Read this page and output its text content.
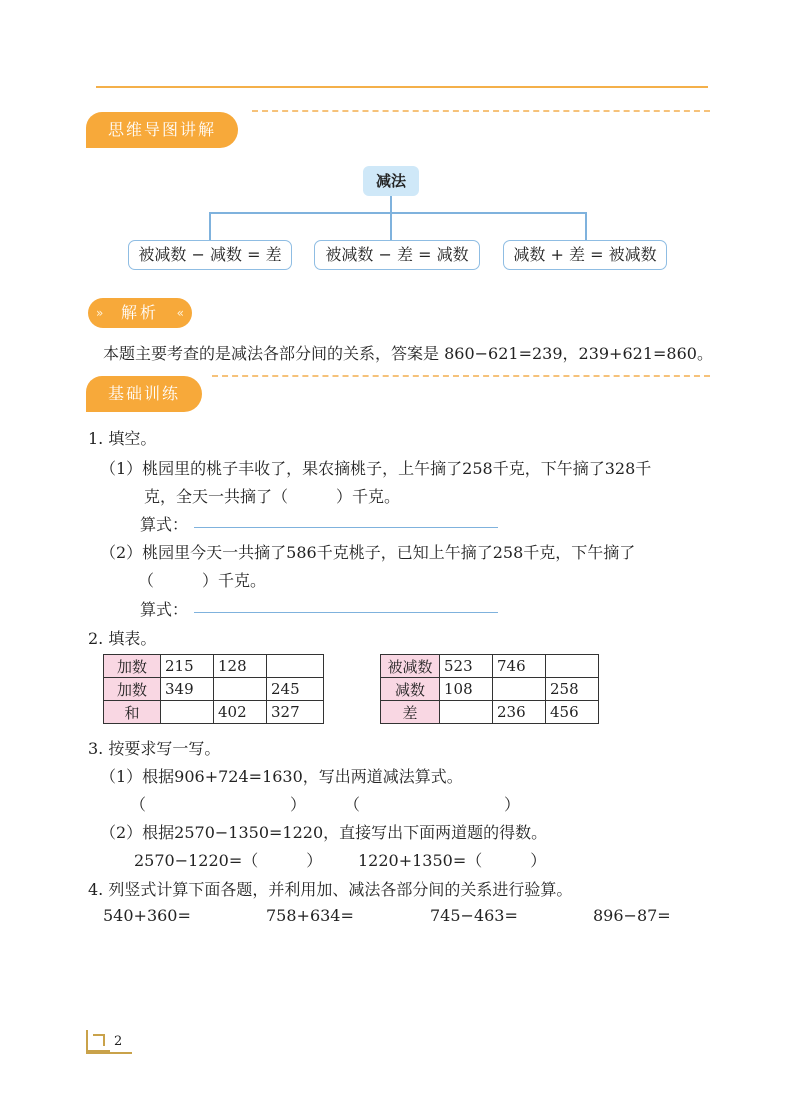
思维导图讲解
减法
被减数 − 减数 = 差	被减数 − 差 = 减数	减数 + 差 = 被减数
» 解析 «
本题主要考查的是减法各部分间的关系，答案是 860−621=239，239+621=860。
基础训练
1. 填空。
（1）桃园里的桃子丰收了，果农摘桃子，上午摘了258千克，下午摘了328千
克，全天一共摘了（　　　）千克。
算式：
（2）桃园里今天一共摘了586千克桃子，已知上午摘了258千克，下午摘了
（　　　）千克。
算式：
2. 填表。
加数	215	128	
加数	349		245
和		402	327
被减数	523	746	
减数	108		258
差		236	456
3. 按要求写一写。
（1）根据906+724=1630，写出两道减法算式。
（　　　　　　　　　） （　　　　　　　　　）
（2）根据2570−1350=1220，直接写出下面两道题的得数。
2570−1220=（　　　） 1220+1350=（　　　）
4. 列竖式计算下面各题，并利用加、减法各部分间的关系进行验算。
540+360=	758+634=	745−463=	896−87=
2
